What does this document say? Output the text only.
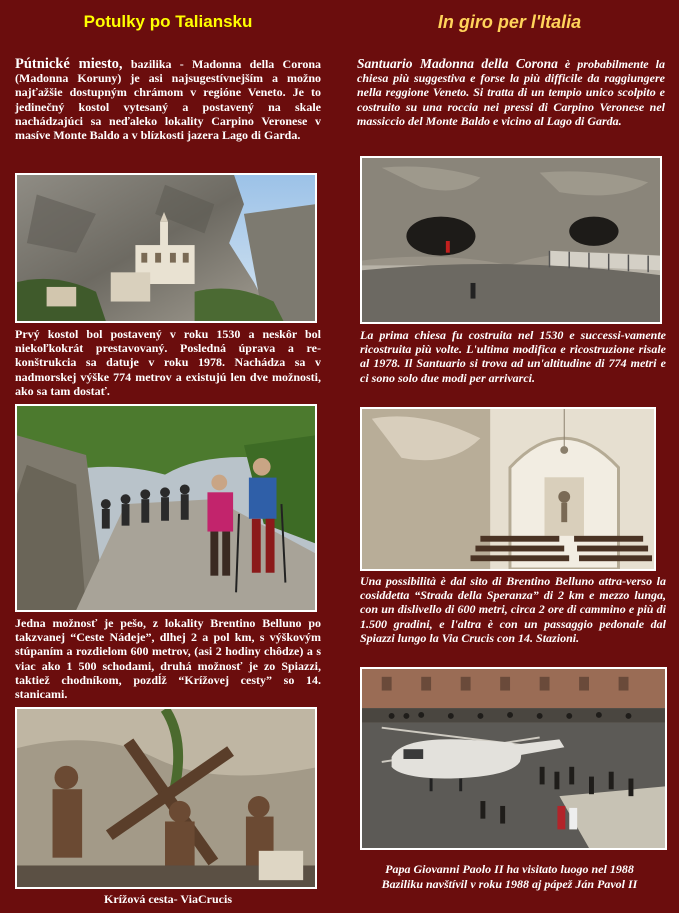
Potulky po Taliansku	In giro per l'Italia

Pútnické miesto, bazilika - Madonna della Corona (Madonna Koruny) je asi najsugestívnejším a možno najťažšie dostupným chrámom v regióne Veneto. Je to jedinečný kostol vytesaný a postavený na skale nachádzajúci sa neďaleko lokality Carpino Veronese v masíve Monte Baldo a v blízkosti jazera Lago di Garda.

Prvý kostol bol postavený v roku 1530 a neskôr bol niekoľkokrát prestavovaný. Posledná úprava a re-konštrukcia sa datuje v roku 1978. Nachádza sa v nadmorskej výške 774 metrov a existujú len dve možnosti, ako sa tam dostať.

Jedna možnosť je pešo, z lokality Brentino Belluno po takzvanej “Ceste Nádeje”, dlhej 2 a pol km, s výškovým stúpaním a rozdielom 600 metrov, (asi 2 hodiny chôdze) a s viac ako 1 500 schodami, druhá možnosť je zo Spiazzi, taktiež chodníkom, pozdĺž “Krížovej cesty” so 14. stanicami.

Krížová cesta- ViaCrucis

Santuario Madonna della Corona è probabilmente la chiesa più suggestiva e forse la più difficile da raggiungere nella reggione Veneto. Si tratta di un tempio unico scolpito e costruito su una roccia nei pressi di Carpino Veronese nel massiccio del Monte Baldo e vicino al Lago di Garda.

La prima chiesa fu costruita nel 1530 e successi-vamente ricostruita più volte. L'ultima modifica e ricostruzione risale al 1978. Il Santuario si trova ad un'altitudine di 774 metri e ci sono solo due modi per arrivarci.

Una possibilità è dal sito di Brentino Belluno attra-verso la cosiddetta “Strada della Speranza” di 2 km e mezzo lunga, con un dislivello di 600 metri, circa 2 ore di cammino e più di 1.500 gradini, e l'altra è con un passaggio pedonale dal Spiazzi lungo la Via Crucis con 14. Stazioni.

Papa Giovanni Paolo II ha visitato luogo nel 1988
Baziliku navštívil v roku 1988 aj pápež Ján Pavol II
